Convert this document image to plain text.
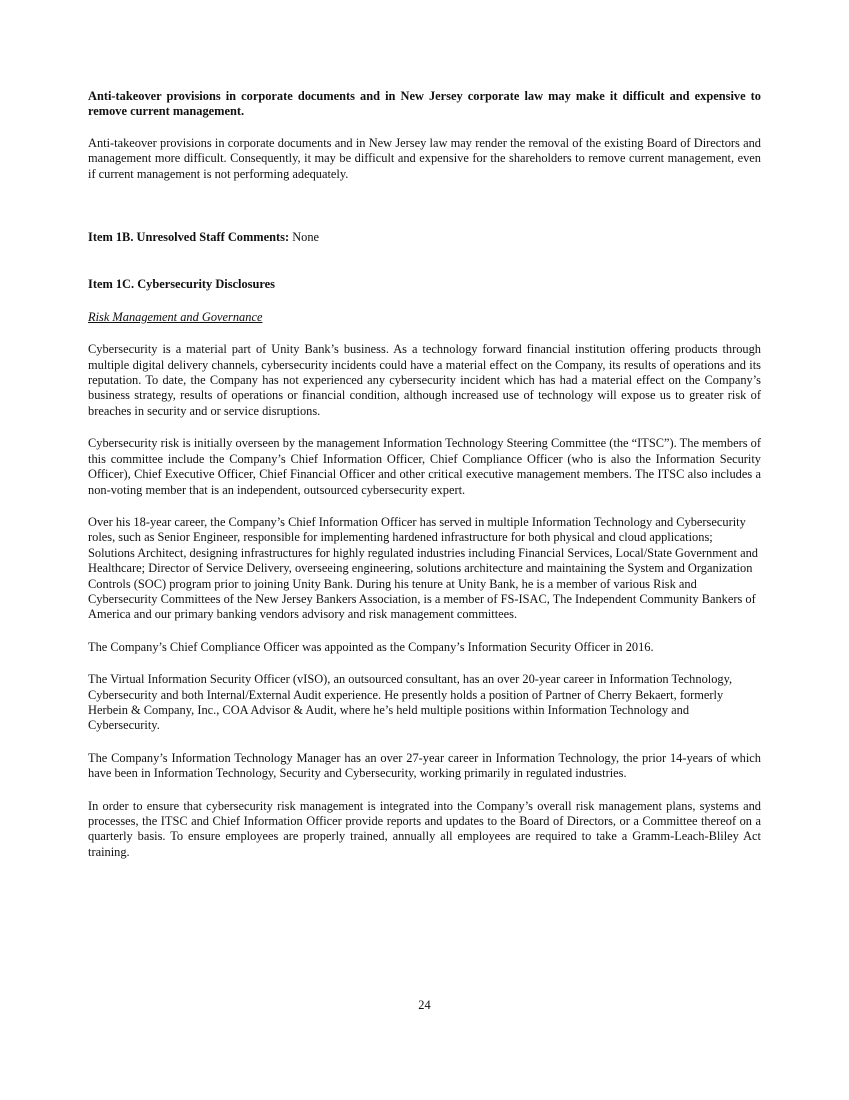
Anti-takeover provisions in corporate documents and in New Jersey corporate law may make it difficult and expensive to remove current management.

Anti-takeover provisions in corporate documents and in New Jersey law may render the removal of the existing Board of Directors and management more difficult. Consequently, it may be difficult and expensive for the shareholders to remove current management, even if current management is not performing adequately.

Item 1B. Unresolved Staff Comments: None

Item 1C. Cybersecurity Disclosures

Risk Management and Governance

Cybersecurity is a material part of Unity Bank’s business. As a technology forward financial institution offering products through multiple digital delivery channels, cybersecurity incidents could have a material effect on the Company, its results of operations and its reputation. To date, the Company has not experienced any cybersecurity incident which has had a material effect on the Company’s business strategy, results of operations or financial condition, although increased use of technology will expose us to greater risk of breaches in security and or service disruptions.

Cybersecurity risk is initially overseen by the management Information Technology Steering Committee (the “ITSC”). The members of this committee include the Company’s Chief Information Officer, Chief Compliance Officer (who is also the Information Security Officer), Chief Executive Officer, Chief Financial Officer and other critical executive management members. The ITSC also includes a non-voting member that is an independent, outsourced cybersecurity expert.

Over his 18-year career, the Company’s Chief Information Officer has served in multiple Information Technology and Cybersecurity roles, such as Senior Engineer, responsible for implementing hardened infrastructure for both physical and cloud applications; Solutions Architect, designing infrastructures for highly regulated industries including Financial Services, Local/State Government and Healthcare; Director of Service Delivery, overseeing engineering, solutions architecture and maintaining the System and Organization Controls (SOC) program prior to joining Unity Bank. During his tenure at Unity Bank, he is a member of various Risk and Cybersecurity Committees of the New Jersey Bankers Association, is a member of FS-ISAC, The Independent Community Bankers of America and our primary banking vendors advisory and risk management committees.

The Company’s Chief Compliance Officer was appointed as the Company’s Information Security Officer in 2016.

The Virtual Information Security Officer (vISO), an outsourced consultant, has an over 20-year career in Information Technology, Cybersecurity and both Internal/External Audit experience. He presently holds a position of Partner of Cherry Bekaert, formerly Herbein & Company, Inc., COA Advisor & Audit, where he’s held multiple positions within Information Technology and Cybersecurity.

The Company’s Information Technology Manager has an over 27-year career in Information Technology, the prior 14-years of which have been in Information Technology, Security and Cybersecurity, working primarily in regulated industries.

In order to ensure that cybersecurity risk management is integrated into the Company’s overall risk management plans, systems and processes, the ITSC and Chief Information Officer provide reports and updates to the Board of Directors, or a Committee thereof on a quarterly basis. To ensure employees are properly trained, annually all employees are required to take a Gramm-Leach-Bliley Act training.

24
